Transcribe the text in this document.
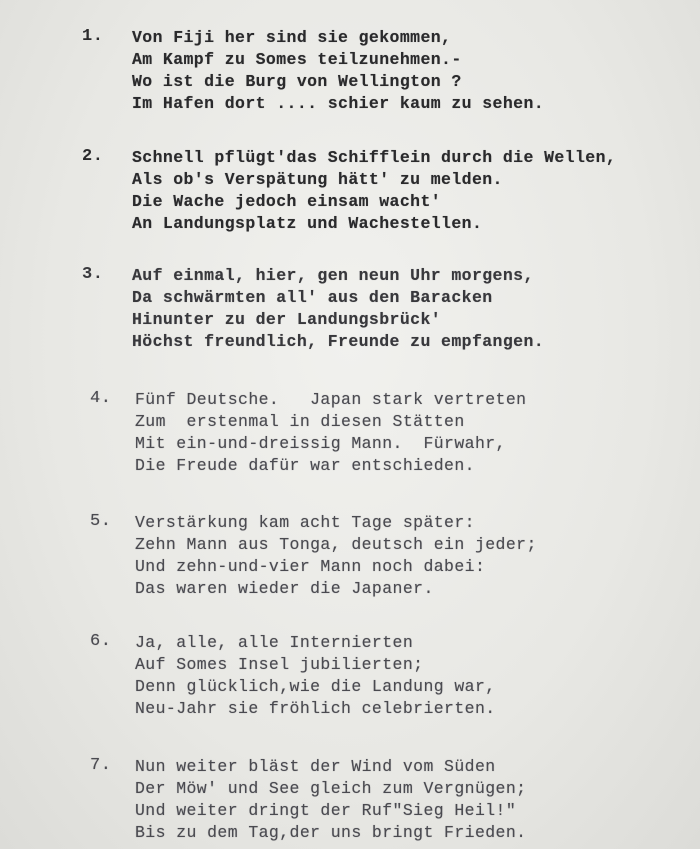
1. Von Fiji her sind sie gekommen,
Am Kampf zu Somes teilzunehmen.-
Wo ist die Burg von Wellington ?
Im Hafen dort .... schier kaum zu sehen.
2. Schnell pflügt'das Schifflein durch die Wellen,
Als ob's Verspätung hätt' zu melden.
Die Wache jedoch einsam wacht'
An Landungsplatz und Wachestellen.
3. Auf einmal, hier, gen neun Uhr morgens,
Da schwärmten all' aus den Baracken
Hinunter zu der Landungsbrück'
Höchst freundlich, Freunde zu empfangen.
4. Fünf Deutsche.   Japan stark vertreten
Zum  erstenmal in diesen Stätten
Mit ein-und-dreissig Mann.  Fürwahr,
Die Freude dafür war entschieden.
5. Verstärkung kam acht Tage später:
Zehn Mann aus Tonga, deutsch ein jeder;
Und zehn-und-vier Mann noch dabei:
Das waren wieder die Japaner.
6. Ja, alle, alle Internierten
Auf Somes Insel jubilierten;
Denn glücklich,wie die Landung war,
Neu-Jahr sie fröhlich celebrierten.
7. Nun weiter bläst der Wind vom Süden
Der Möw' und See gleich zum Vergnügen;
Und weiter dringt der Ruf"Sieg Heil!"
Bis zu dem Tag,der uns bringt Frieden.
